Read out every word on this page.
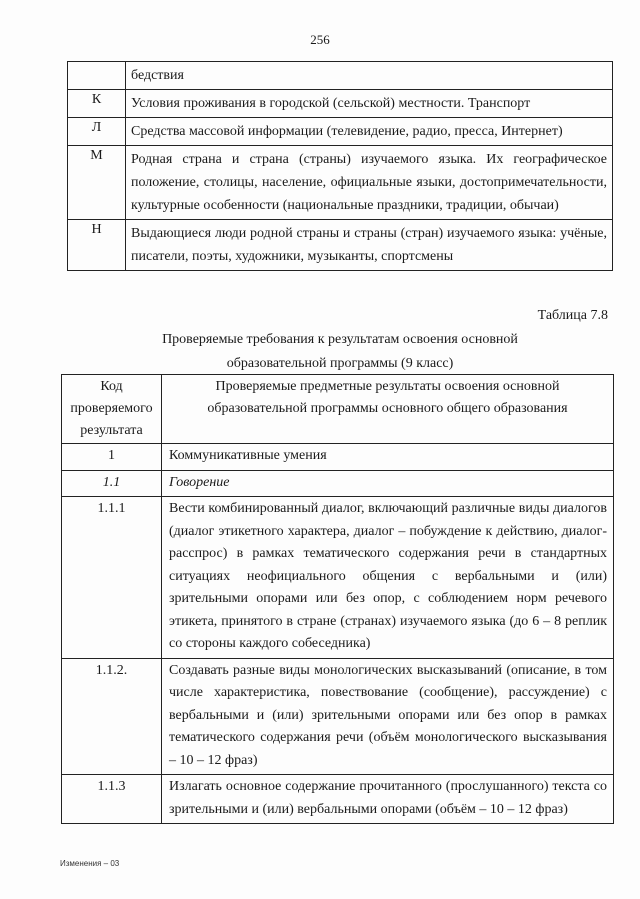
256
	бедствия
К	Условия проживания в городской (сельской) местности. Транспорт
Л	Средства массовой информации (телевидение, радио, пресса, Интернет)
М	Родная страна и страна (страны) изучаемого языка. Их географическое положение, столицы, население, официальные языки, достопримечательности, культурные особенности (национальные праздники, традиции, обычаи)
Н	Выдающиеся люди родной страны и страны (стран) изучаемого языка: учёные, писатели, поэты, художники, музыканты, спортсмены
Таблица 7.8
Проверяемые требования к результатам освоения основной
образовательной программы (9 класс)
Код проверяемого результата	Проверяемые предметные результаты освоения основной образовательной программы основного общего образования
1	Коммуникативные умения
1.1	Говорение
1.1.1	Вести комбинированный диалог, включающий различные виды диалогов (диалог этикетного характера, диалог – побуждение к действию, диалог-расспрос) в рамках тематического содержания речи в стандартных ситуациях неофициального общения с вербальными и (или) зрительными опорами или без опор, с соблюдением норм речевого этикета, принятого в стране (странах) изучаемого языка (до 6 – 8 реплик со стороны каждого собеседника)
1.1.2.	Создавать разные виды монологических высказываний (описание, в том числе характеристика, повествование (сообщение), рассуждение) с вербальными и (или) зрительными опорами или без опор в рамках тематического содержания речи (объём монологического высказывания – 10 – 12 фраз)
1.1.3	Излагать основное содержание прочитанного (прослушанного) текста со зрительными и (или) вербальными опорами (объём – 10 – 12 фраз)
Изменения – 03
